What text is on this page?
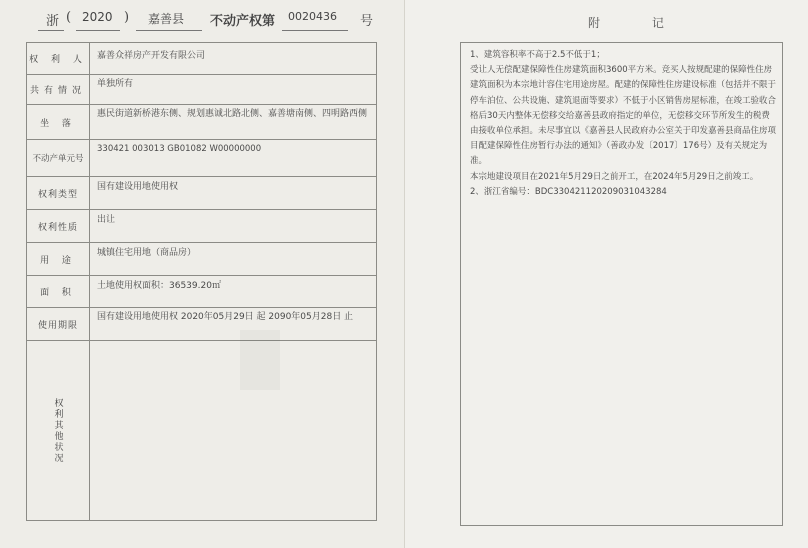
浙 ( 2020 ) 嘉善县 不动产权第 0020436 号
权 利 人	嘉善众祥房产开发有限公司
共有情况	单独所有
坐 落	惠民街道新桥港东侧、规划惠诚北路北侧、嘉善塘南侧、四明路西侧
不动产单元号	330421 003013 GB01082 W00000000
权利类型	国有建设用地使用权
权利性质	出让
用 途	城镇住宅用地（商品房）
面 积	土地使用权面积：36539.20㎡
使用期限	国有建设用地使用权 2020年05月29日 起 2090年05月28日 止

权利其他状况	

附 记

1、建筑容积率不高于2.5不低于1；

受让人无偿配建保障性住房建筑面积3600平方米。竞买人按规配建的保障性住房建筑面积为本宗地计容住宅用途房屋。配建的保障性住房建设标准（包括并不限于停车泊位、公共设施、建筑退面等要求）不低于小区销售房屋标准，在竣工验收合格后30天内整体无偿移交给嘉善县政府指定的单位，无偿移交环节所发生的税费由接收单位承担。未尽事宜以《嘉善县人民政府办公室关于印发嘉善县商品住房项目配建保障性住房暂行办法的通知》（善政办发〔2017〕176号）及有关规定为准。

本宗地建设项目在2021年5月29日之前开工，在2024年5月29日之前竣工。

2、浙江省编号：BDC33042112020903104328​4
